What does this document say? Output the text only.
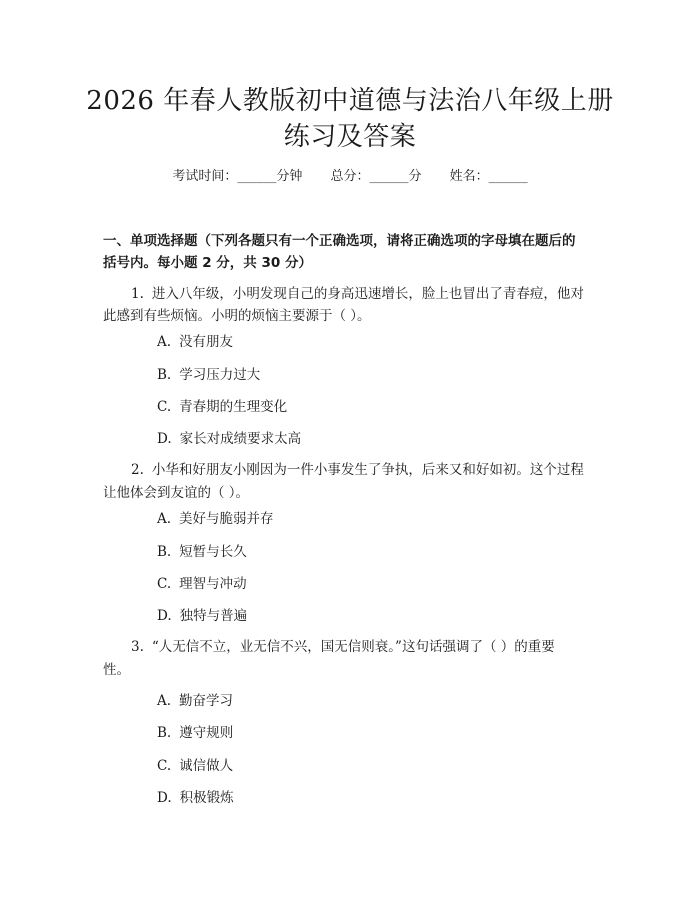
2026 年春人教版初中道德与法治八年级上册
练习及答案
考试时间：______分钟 总分：______分 姓名：______
一、单项选择题（下列各题只有一个正确选项，请将正确选项的字母填在题后的
括号内。每小题 2 分，共 30 分）
1. 进入八年级，小明发现自己的身高迅速增长，脸上也冒出了青春痘，他对
此感到有些烦恼。小明的烦恼主要源于（ ）。
A. 没有朋友
B. 学习压力过大
C. 青春期的生理变化
D. 家长对成绩要求太高
2. 小华和好朋友小刚因为一件小事发生了争执，后来又和好如初。这个过程
让他体会到友谊的（ ）。
A. 美好与脆弱并存
B. 短暂与长久
C. 理智与冲动
D. 独特与普遍
3. “人无信不立，业无信不兴，国无信则衰。”这句话强调了（ ）的重要
性。
A. 勤奋学习
B. 遵守规则
C. 诚信做人
D. 积极锻炼
